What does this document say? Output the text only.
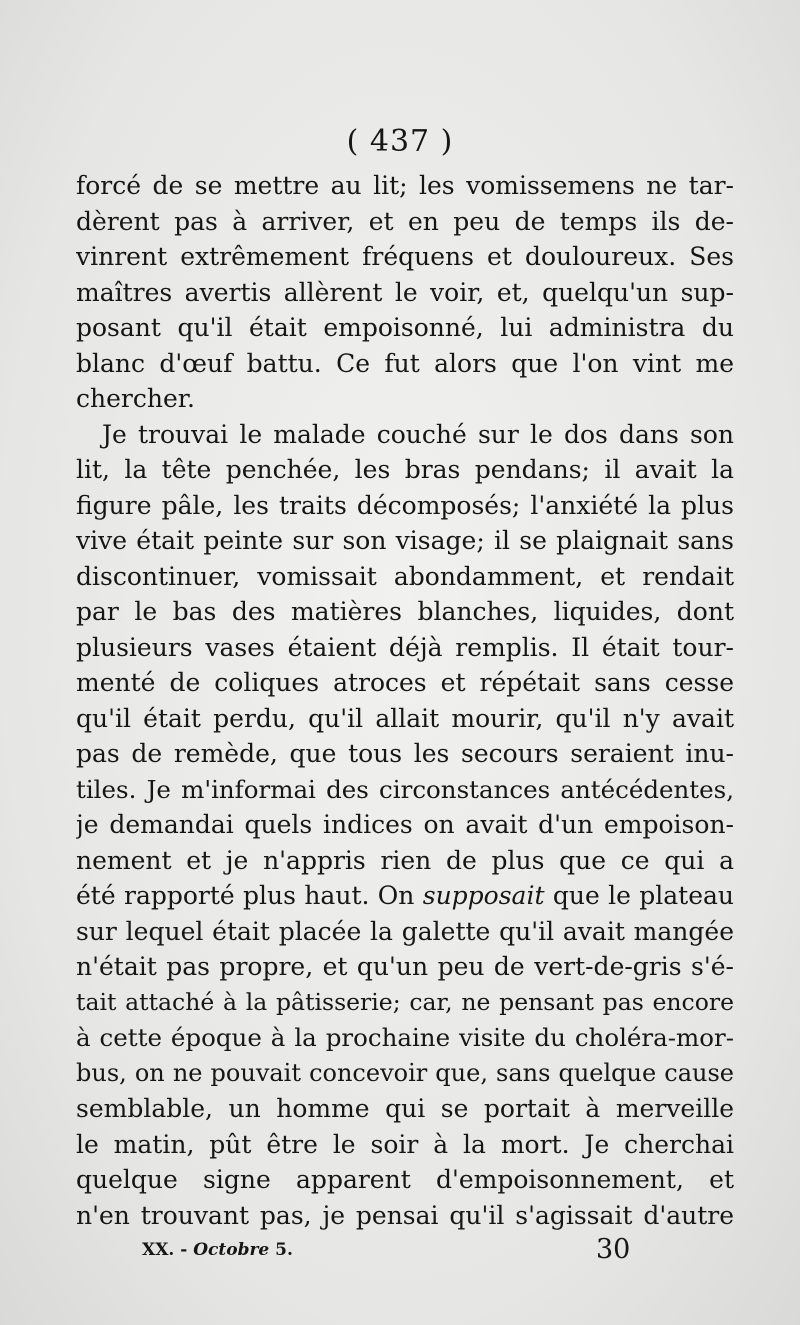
( 437 )
forcé de se mettre au lit; les vomissemens ne tar-
dèrent pas à arriver, et en peu de temps ils de-
vinrent extrêmement fréquens et douloureux. Ses
maîtres avertis allèrent le voir, et, quelqu'un sup-
posant qu'il était empoisonné, lui administra du
blanc d'œuf battu. Ce fut alors que l'on vint me
chercher.
Je trouvai le malade couché sur le dos dans son
lit, la tête penchée, les bras pendans; il avait la
figure pâle, les traits décomposés; l'anxiété la plus
vive était peinte sur son visage; il se plaignait sans
discontinuer, vomissait abondamment, et rendait
par le bas des matières blanches, liquides, dont
plusieurs vases étaient déjà remplis. Il était tour-
menté de coliques atroces et répétait sans cesse
qu'il était perdu, qu'il allait mourir, qu'il n'y avait
pas de remède, que tous les secours seraient inu-
tiles. Je m'informai des circonstances antécédentes,
je demandai quels indices on avait d'un empoison-
nement et je n'appris rien de plus que ce qui a
été rapporté plus haut. On supposait que le plateau
sur lequel était placée la galette qu'il avait mangée
n'était pas propre, et qu'un peu de vert-de-gris s'é-
tait attaché à la pâtisserie; car, ne pensant pas encore
à cette époque à la prochaine visite du choléra-mor-
bus, on ne pouvait concevoir que, sans quelque cause
semblable, un homme qui se portait à merveille
le matin, pût être le soir à la mort. Je cherchai
quelque signe apparent d'empoisonnement, et
n'en trouvant pas, je pensai qu'il s'agissait d'autre
XX. - Octobre 5.	30
